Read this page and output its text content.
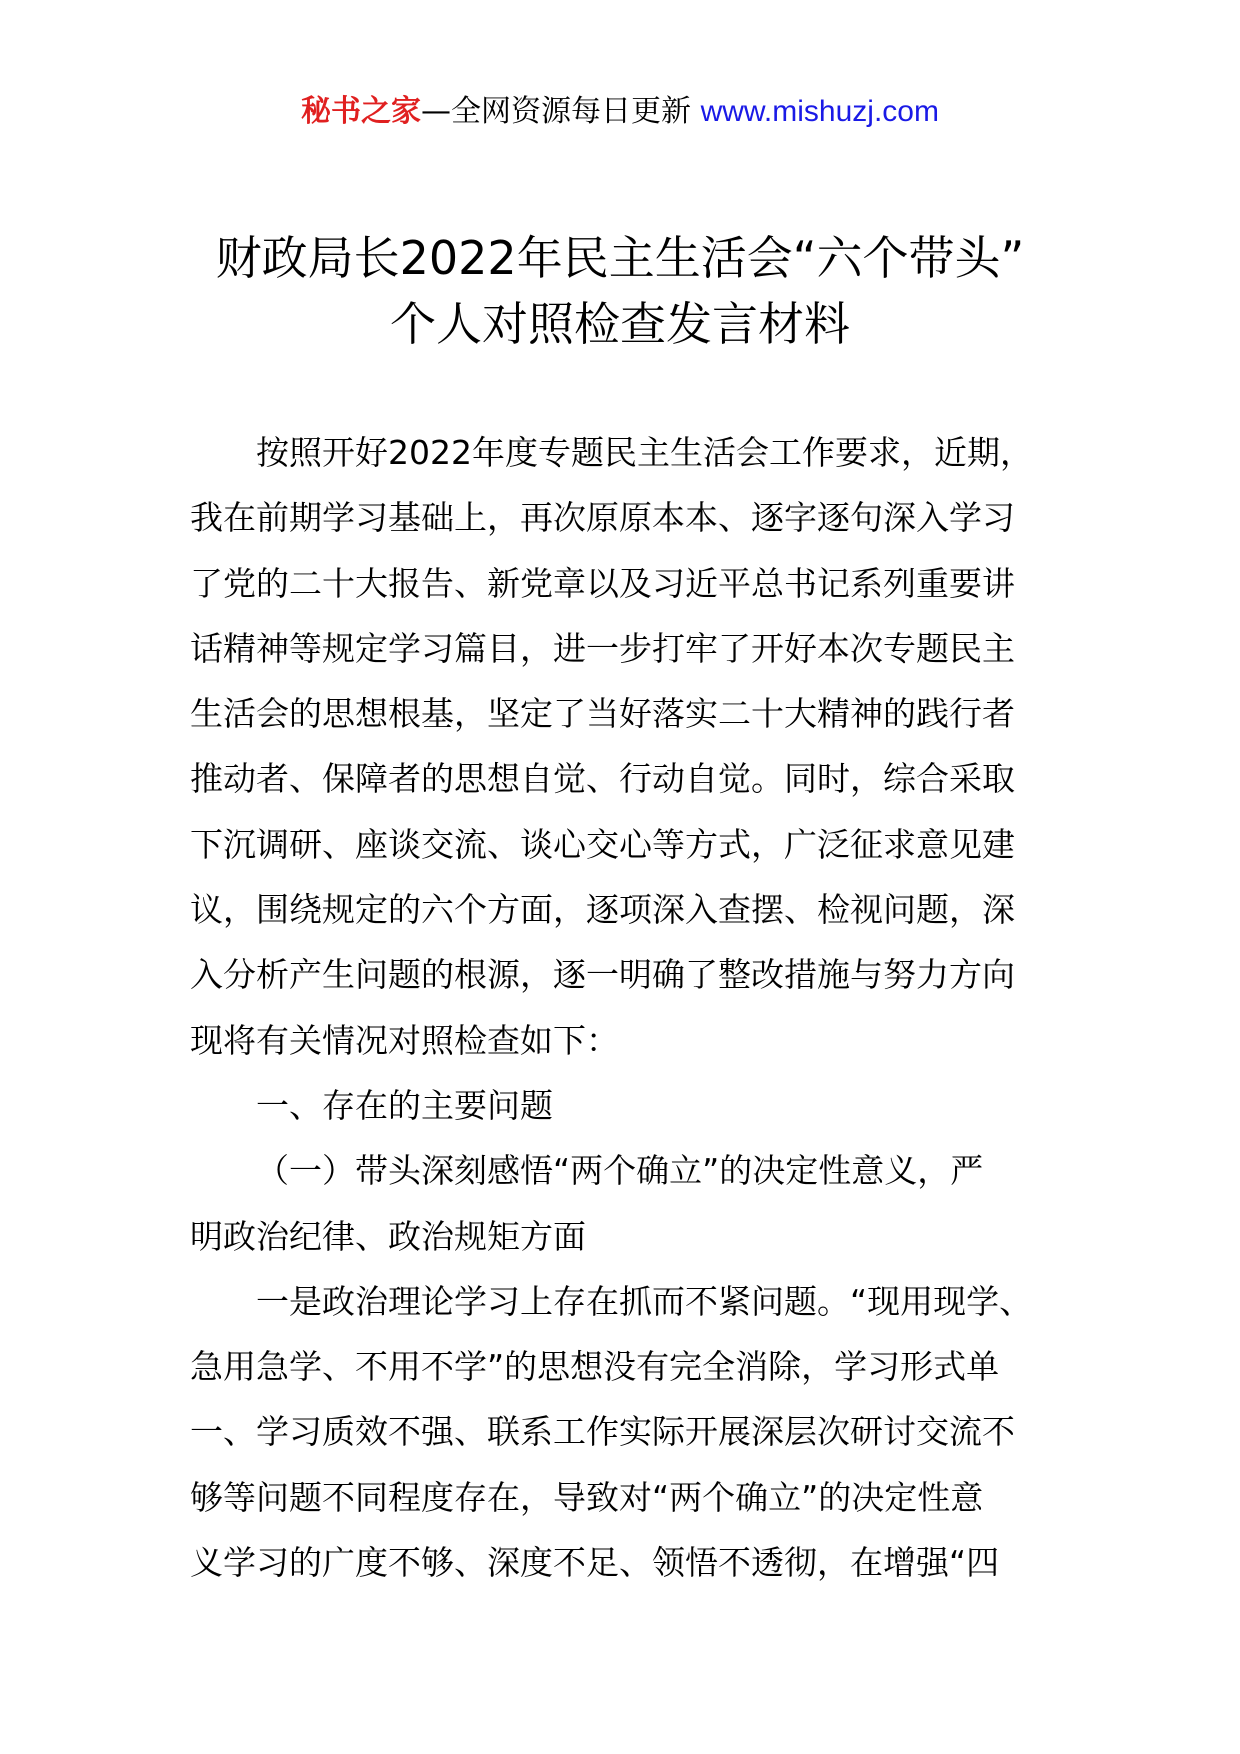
秘书之家—全网资源每日更新 www.mishuzj.com
财政局长2022年民主生活会“六个带头”
个人对照检查发言材料
按照开好2022年度专题民主生活会工作要求，近期，
我在前期学习基础上，再次原原本本、逐字逐句深入学习
了党的二十大报告、新党章以及习近平总书记系列重要讲
话精神等规定学习篇目，进一步打牢了开好本次专题民主
生活会的思想根基，坚定了当好落实二十大精神的践行者
推动者、保障者的思想自觉、行动自觉。同时，综合采取
下沉调研、座谈交流、谈心交心等方式，广泛征求意见建
议，围绕规定的六个方面，逐项深入查摆、检视问题，深
入分析产生问题的根源，逐一明确了整改措施与努力方向
现将有关情况对照检查如下：
一、存在的主要问题
（一）带头深刻感悟“两个确立”的决定性意义，严
明政治纪律、政治规矩方面
一是政治理论学习上存在抓而不紧问题。“现用现学、
急用急学、不用不学”的思想没有完全消除，学习形式单
一、学习质效不强、联系工作实际开展深层次研讨交流不
够等问题不同程度存在，导致对“两个确立”的决定性意
义学习的广度不够、深度不足、领悟不透彻，在增强“四
